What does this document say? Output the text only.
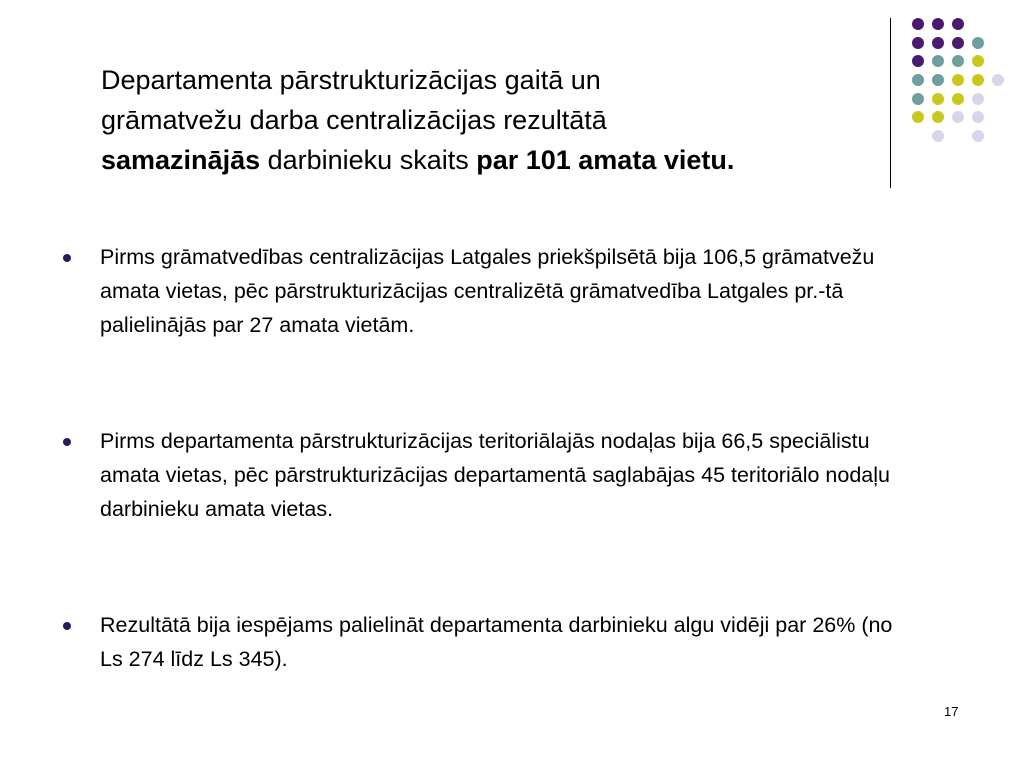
Departamenta pārstrukturizācijas gaitā un
grāmatvežu darba centralizācijas rezultātā
samazinājās darbinieku skaits par 101 amata vietu.
Pirms grāmatvedības centralizācijas Latgales priekšpilsētā bija 106,5 grāmatvežu amata vietas, pēc pārstrukturizācijas centralizētā grāmatvedība Latgales pr.-tā palielinājās par 27 amata vietām.
Pirms departamenta pārstrukturizācijas teritoriālajās nodaļas bija 66,5 speciālistu amata vietas, pēc pārstrukturizācijas departamentā saglabājas 45 teritoriālo nodaļu darbinieku amata vietas.
Rezultātā bija iespējams palielināt departamenta darbinieku algu vidēji par 26% (no Ls 274 līdz Ls 345).
17
